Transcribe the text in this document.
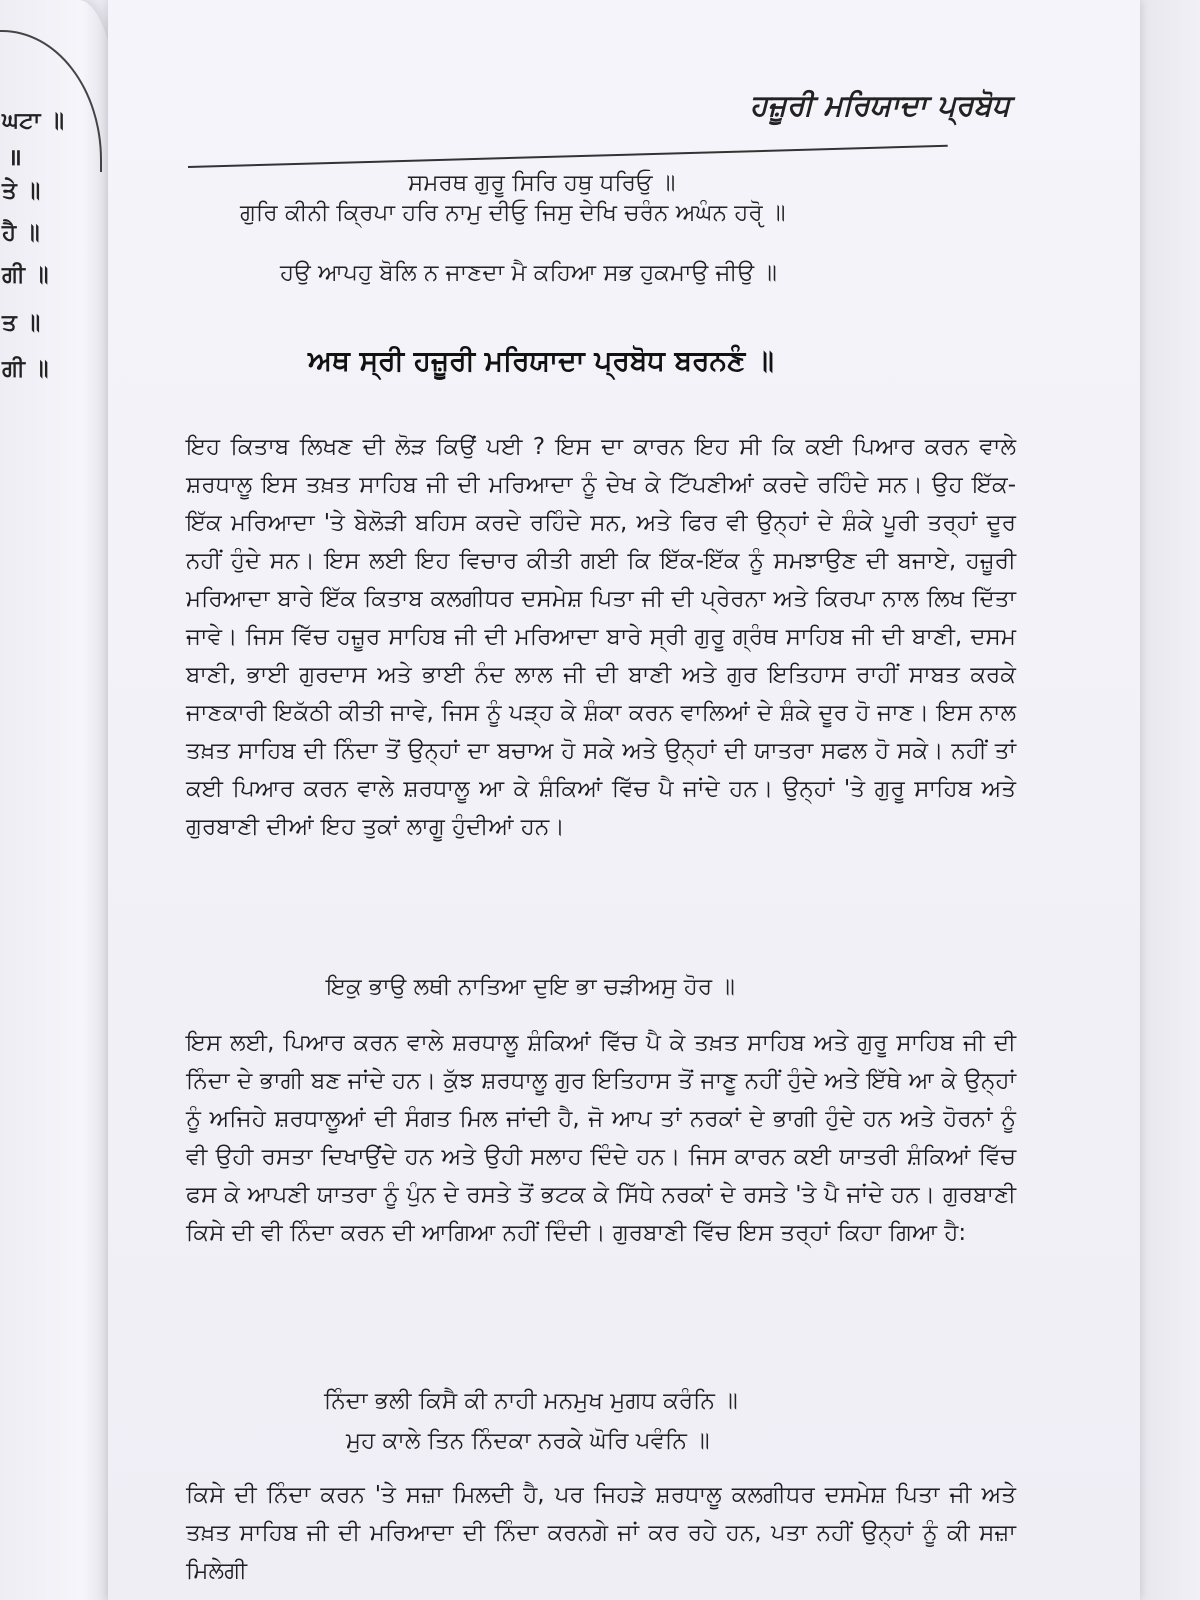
ਘਟਾ ॥
॥
ਤੇ ॥
ਹੈ ॥
ਗੀ ॥
ਤ ॥
ਗੀ ॥
ਹਜ਼ੂਰੀ ਮਰਿਯਾਦਾ ਪ੍ਰਬੋਧ
ਸਮਰਥ ਗੁਰੂ ਸਿਰਿ ਹਥੁ ਧਰਿਓੁ ॥
ਗੁਰਿ ਕੀਨੀ ਕ੍ਰਿਪਾ ਹਰਿ ਨਾਮੁ ਦੀਓੁ ਜਿਸੁ ਦੇਖਿ ਚਰੰਨ ਅਘੰਨ ਹਰੵੋ ॥
ਹਉ ਆਪਹੁ ਬੋਲਿ ਨ ਜਾਣਦਾ ਮੈ ਕਹਿਆ ਸਭ ਹੁਕਮਾਉ ਜੀਉ ॥
ਅਥ ਸ੍ਰੀ ਹਜ਼ੂਰੀ ਮਰਿਯਾਦਾ ਪ੍ਰਬੋਧ ਬਰਨਣੰ ॥
ਇਹ ਕਿਤਾਬ ਲਿਖਣ ਦੀ ਲੋੜ ਕਿਉਂ ਪਈ ? ਇਸ ਦਾ ਕਾਰਨ ਇਹ ਸੀ ਕਿ ਕਈ ਪਿਆਰ ਕਰਨ ਵਾਲੇ ਸ਼ਰਧਾਲੂ ਇਸ ਤਖ਼ਤ ਸਾਹਿਬ ਜੀ ਦੀ ਮਰਿਆਦਾ ਨੂੰ ਦੇਖ ਕੇ ਟਿੱਪਣੀਆਂ ਕਰਦੇ ਰਹਿੰਦੇ ਸਨ। ਉਹ ਇੱਕ-ਇੱਕ ਮਰਿਆਦਾ 'ਤੇ ਬੇਲੋੜੀ ਬਹਿਸ ਕਰਦੇ ਰਹਿੰਦੇ ਸਨ, ਅਤੇ ਫਿਰ ਵੀ ਉਨ੍ਹਾਂ ਦੇ ਸ਼ੰਕੇ ਪੂਰੀ ਤਰ੍ਹਾਂ ਦੂਰ ਨਹੀਂ ਹੁੰਦੇ ਸਨ। ਇਸ ਲਈ ਇਹ ਵਿਚਾਰ ਕੀਤੀ ਗਈ ਕਿ ਇੱਕ-ਇੱਕ ਨੂੰ ਸਮਝਾਉਣ ਦੀ ਬਜਾਏ, ਹਜ਼ੂਰੀ ਮਰਿਆਦਾ ਬਾਰੇ ਇੱਕ ਕਿਤਾਬ ਕਲਗੀਧਰ ਦਸਮੇਸ਼ ਪਿਤਾ ਜੀ ਦੀ ਪ੍ਰੇਰਨਾ ਅਤੇ ਕਿਰਪਾ ਨਾਲ ਲਿਖ ਦਿੱਤਾ ਜਾਵੇ। ਜਿਸ ਵਿੱਚ ਹਜ਼ੂਰ ਸਾਹਿਬ ਜੀ ਦੀ ਮਰਿਆਦਾ ਬਾਰੇ ਸ੍ਰੀ ਗੁਰੂ ਗ੍ਰੰਥ ਸਾਹਿਬ ਜੀ ਦੀ ਬਾਣੀ, ਦਸਮ ਬਾਣੀ, ਭਾਈ ਗੁਰਦਾਸ ਅਤੇ ਭਾਈ ਨੰਦ ਲਾਲ ਜੀ ਦੀ ਬਾਣੀ ਅਤੇ ਗੁਰ ਇਤਿਹਾਸ ਰਾਹੀਂ ਸਾਬਤ ਕਰਕੇ ਜਾਣਕਾਰੀ ਇਕੱਠੀ ਕੀਤੀ ਜਾਵੇ, ਜਿਸ ਨੂੰ ਪੜ੍ਹ ਕੇ ਸ਼ੰਕਾ ਕਰਨ ਵਾਲਿਆਂ ਦੇ ਸ਼ੰਕੇ ਦੂਰ ਹੋ ਜਾਣ। ਇਸ ਨਾਲ ਤਖ਼ਤ ਸਾਹਿਬ ਦੀ ਨਿੰਦਾ ਤੋਂ ਉਨ੍ਹਾਂ ਦਾ ਬਚਾਅ ਹੋ ਸਕੇ ਅਤੇ ਉਨ੍ਹਾਂ ਦੀ ਯਾਤਰਾ ਸਫਲ ਹੋ ਸਕੇ। ਨਹੀਂ ਤਾਂ ਕਈ ਪਿਆਰ ਕਰਨ ਵਾਲੇ ਸ਼ਰਧਾਲੂ ਆ ਕੇ ਸ਼ੰਕਿਆਂ ਵਿੱਚ ਪੈ ਜਾਂਦੇ ਹਨ। ਉਨ੍ਹਾਂ 'ਤੇ ਗੁਰੂ ਸਾਹਿਬ ਅਤੇ ਗੁਰਬਾਣੀ ਦੀਆਂ ਇਹ ਤੁਕਾਂ ਲਾਗੂ ਹੁੰਦੀਆਂ ਹਨ।
ਇਕੁ ਭਾਉ ਲਥੀ ਨਾਤਿਆ ਦੁਇ ਭਾ ਚੜੀਅਸੁ ਹੋਰ ॥
ਇਸ ਲਈ, ਪਿਆਰ ਕਰਨ ਵਾਲੇ ਸ਼ਰਧਾਲੂ ਸ਼ੰਕਿਆਂ ਵਿੱਚ ਪੈ ਕੇ ਤਖ਼ਤ ਸਾਹਿਬ ਅਤੇ ਗੁਰੂ ਸਾਹਿਬ ਜੀ ਦੀ ਨਿੰਦਾ ਦੇ ਭਾਗੀ ਬਣ ਜਾਂਦੇ ਹਨ। ਕੁੱਝ ਸ਼ਰਧਾਲੂ ਗੁਰ ਇਤਿਹਾਸ ਤੋਂ ਜਾਣੂ ਨਹੀਂ ਹੁੰਦੇ ਅਤੇ ਇੱਥੇ ਆ ਕੇ ਉਨ੍ਹਾਂ ਨੂੰ ਅਜਿਹੇ ਸ਼ਰਧਾਲੂਆਂ ਦੀ ਸੰਗਤ ਮਿਲ ਜਾਂਦੀ ਹੈ, ਜੋ ਆਪ ਤਾਂ ਨਰਕਾਂ ਦੇ ਭਾਗੀ ਹੁੰਦੇ ਹਨ ਅਤੇ ਹੋਰਨਾਂ ਨੂੰ ਵੀ ਉਹੀ ਰਸਤਾ ਦਿਖਾਉਂਦੇ ਹਨ ਅਤੇ ਉਹੀ ਸਲਾਹ ਦਿੰਦੇ ਹਨ। ਜਿਸ ਕਾਰਨ ਕਈ ਯਾਤਰੀ ਸ਼ੰਕਿਆਂ ਵਿੱਚ ਫਸ ਕੇ ਆਪਣੀ ਯਾਤਰਾ ਨੂੰ ਪੁੰਨ ਦੇ ਰਸਤੇ ਤੋਂ ਭਟਕ ਕੇ ਸਿੱਧੇ ਨਰਕਾਂ ਦੇ ਰਸਤੇ 'ਤੇ ਪੈ ਜਾਂਦੇ ਹਨ। ਗੁਰਬਾਣੀ ਕਿਸੇ ਦੀ ਵੀ ਨਿੰਦਾ ਕਰਨ ਦੀ ਆਗਿਆ ਨਹੀਂ ਦਿੰਦੀ। ਗੁਰਬਾਣੀ ਵਿੱਚ ਇਸ ਤਰ੍ਹਾਂ ਕਿਹਾ ਗਿਆ ਹੈ:
ਨਿੰਦਾ ਭਲੀ ਕਿਸੈ ਕੀ ਨਾਹੀ ਮਨਮੁਖ ਮੁਗਧ ਕਰੰਨਿ ॥
ਮੁਹ ਕਾਲੇ ਤਿਨ ਨਿੰਦਕਾ ਨਰਕੇ ਘੋਰਿ ਪਵੰਨਿ ॥
ਕਿਸੇ ਦੀ ਨਿੰਦਾ ਕਰਨ 'ਤੇ ਸਜ਼ਾ ਮਿਲਦੀ ਹੈ, ਪਰ ਜਿਹੜੇ ਸ਼ਰਧਾਲੂ ਕਲਗੀਧਰ ਦਸਮੇਸ਼ ਪਿਤਾ ਜੀ ਅਤੇ ਤਖ਼ਤ ਸਾਹਿਬ ਜੀ ਦੀ ਮਰਿਆਦਾ ਦੀ ਨਿੰਦਾ ਕਰਨਗੇ ਜਾਂ ਕਰ ਰਹੇ ਹਨ, ਪਤਾ ਨਹੀਂ ਉਨ੍ਹਾਂ ਨੂੰ ਕੀ ਸਜ਼ਾ ਮਿਲੇਗੀ
